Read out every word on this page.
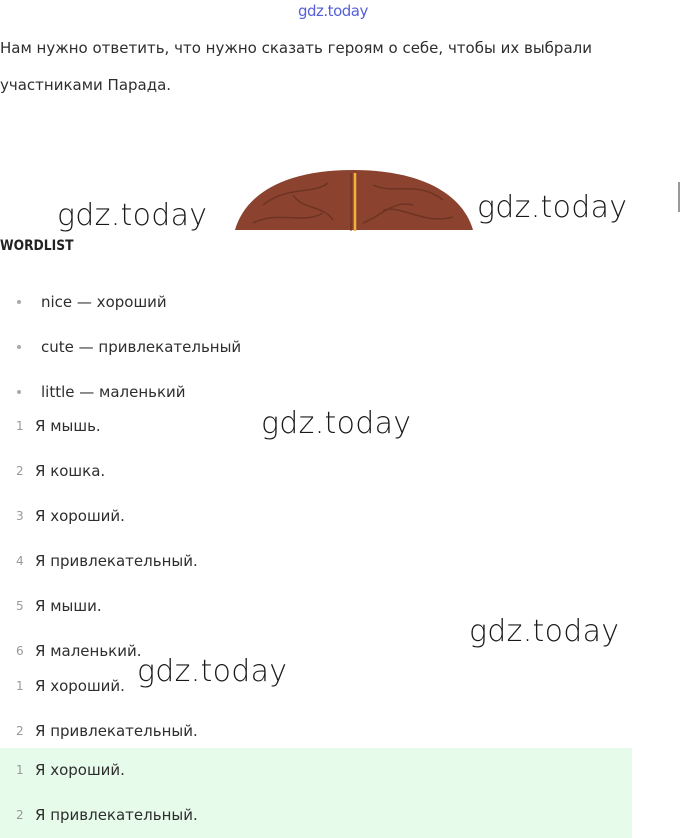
gdz.today
Нам нужно ответить, что нужно сказать героям о себе, чтобы их выбрали
участниками Парада.
gdz.today	gdz.today
gdz.today
gdz.today
gdz.today
WORDLIST
nice — хороший
cute — привлекательный
little — маленький
1 Я мышь.
2 Я кошка.
3 Я хороший.
4 Я привлекательный.
5 Я мыши.
6 Я маленький.
1 Я хороший.
2 Я привлекательный.
1 Я хороший.
2 Я привлекательный.
